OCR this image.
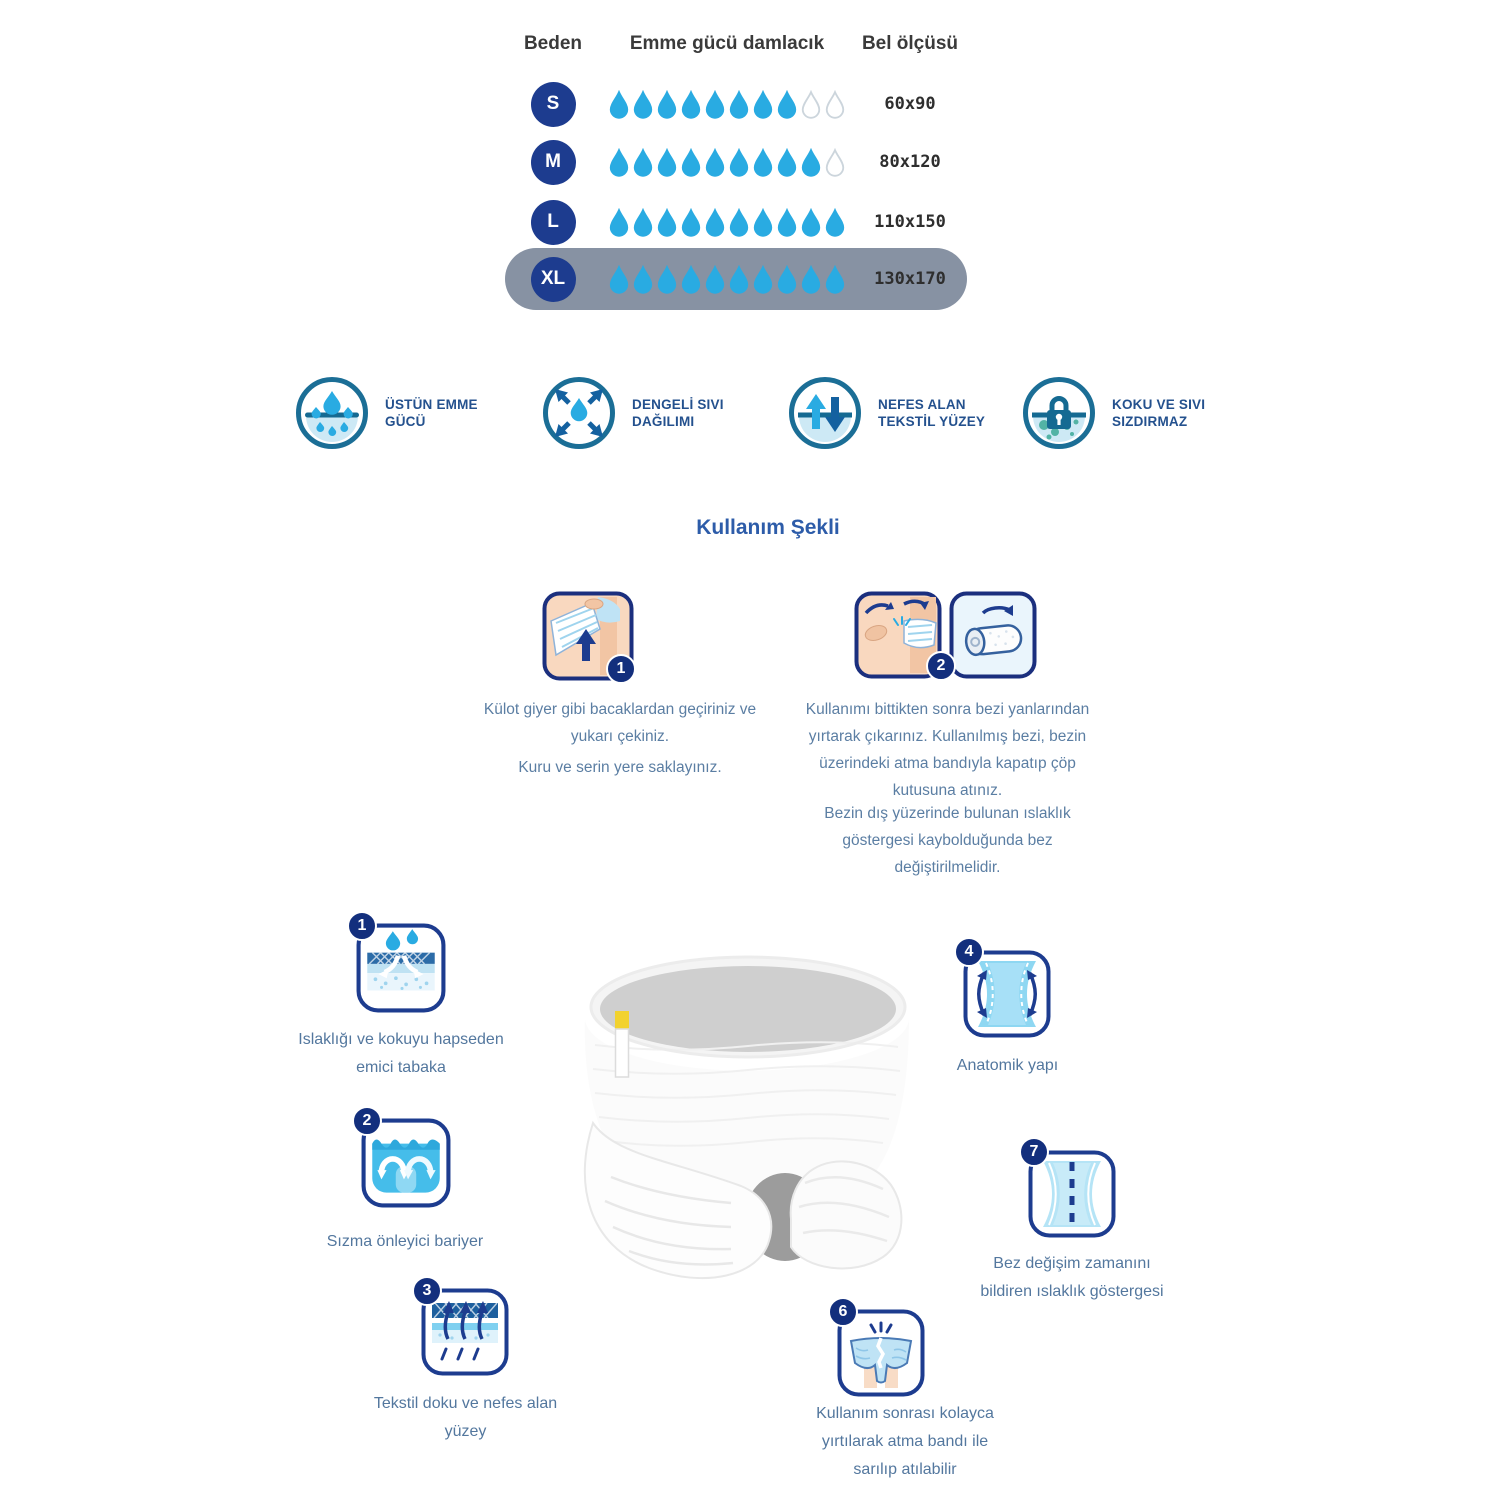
Beden	Emme gücü damlacık	Bel ölçüsü
S	60x90
M	80x120
L	110x150
XL	130x170
ÜSTÜN EMME GÜCÜ
DENGELİ SIVI DAĞILIMI
NEFES ALAN TEKSTİL YÜZEY
KOKU VE SIVI SIZDIRMAZ
Kullanım Şekli
1
Külot giyer gibi bacaklardan geçiriniz ve yukarı çekiniz.
Kuru ve serin yere saklayınız.
2
Kullanımı bittikten sonra bezi yanlarından yırtarak çıkarınız. Kullanılmış bezi, bezin üzerindeki atma bandıyla kapatıp çöp kutusuna atınız.
Bezin dış yüzerinde bulunan ıslaklık göstergesi kaybolduğunda bez değiştirilmelidir.
1
Islaklığı ve kokuyu hapseden emici tabaka
2
Sızma önleyici bariyer
3
Tekstil doku ve nefes alan yüzey
4
Anatomik yapı
7
Bez değişim zamanını bildiren ıslaklık göstergesi
6
Kullanım sonrası kolayca yırtılarak atma bandı ile sarılıp atılabilir
